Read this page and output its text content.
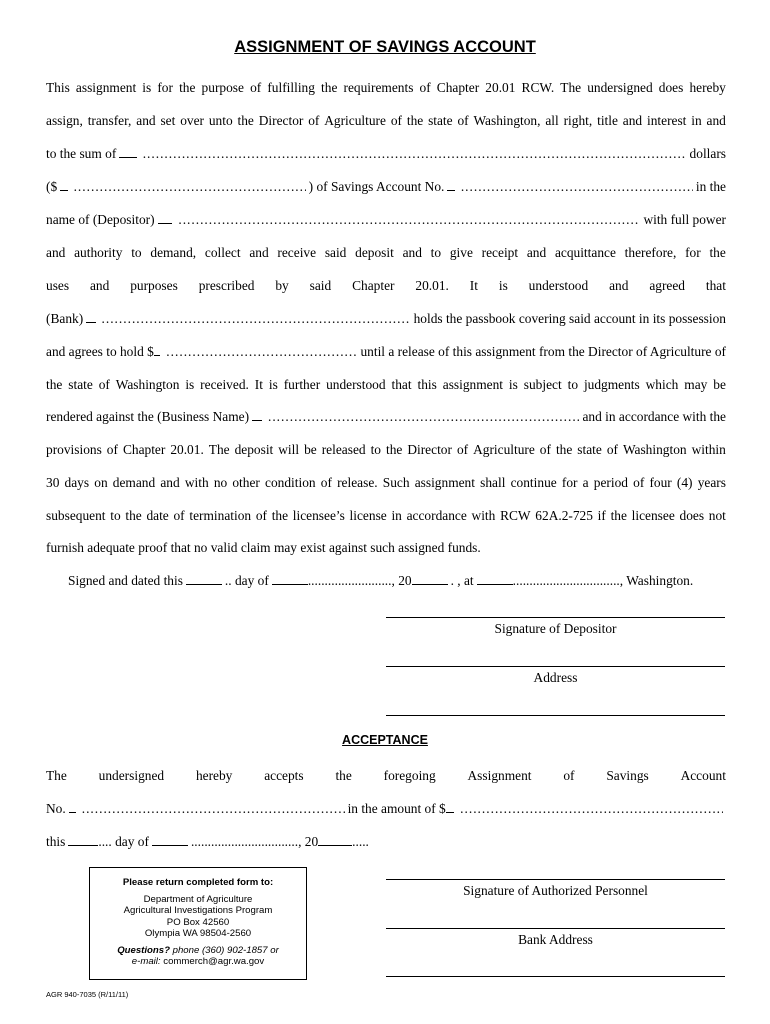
ASSIGNMENT OF SAVINGS ACCOUNT
This assignment is for the purpose of fulfilling the requirements of Chapter 20.01 RCW. The undersigned does hereby
assign, transfer, and set over unto the Director of Agriculture of the state of Washington, all right, title and interest in and
to the sum of .....	dollars
($ .....	) of Savings Account No. .....	in the
name of (Depositor) .....	with full power
and authority to demand, collect and receive said deposit and to give receipt and acquittance therefore, for the
uses and purposes prescribed by said Chapter 20.01. It is understood and agreed that
(Bank) .....	holds the passbook covering said account in its possession
and agrees to hold $ .....	until a release of this assignment from the Director of Agriculture of
the state of Washington is received. It is further understood that this assignment is subject to judgments which may be
rendered against the (Business Name) .....	and in accordance with the
provisions of Chapter 20.01. The deposit will be released to the Director of Agriculture of the state of Washington within
30 days on demand and with no other condition of release. Such assignment shall continue for a period of four (4) years
subsequent to the date of termination of the licensee’s license in accordance with RCW 62A.2-725 if the licensee does not
furnish adequate proof that no valid claim may exist against such assigned funds.
Signed and dated this	.. day of	........................., 20	. , at	................................, Washington.
Signature of Depositor
Address
ACCEPTANCE
The undersigned hereby accepts the foregoing Assignment of Savings Account
No. .....	in the amount of $
.....
this .... day of	................................, 20	.....
Please return completed form to:
Department of Agriculture
Agricultural Investigations Program
PO Box 42560
Olympia WA 98504-2560
Questions? phone (360) 902-1857 or
e-mail: commerch@agr.wa.gov
Signature of Authorized Personnel
Bank Address
AGR 940-7035 (R/11/11)
